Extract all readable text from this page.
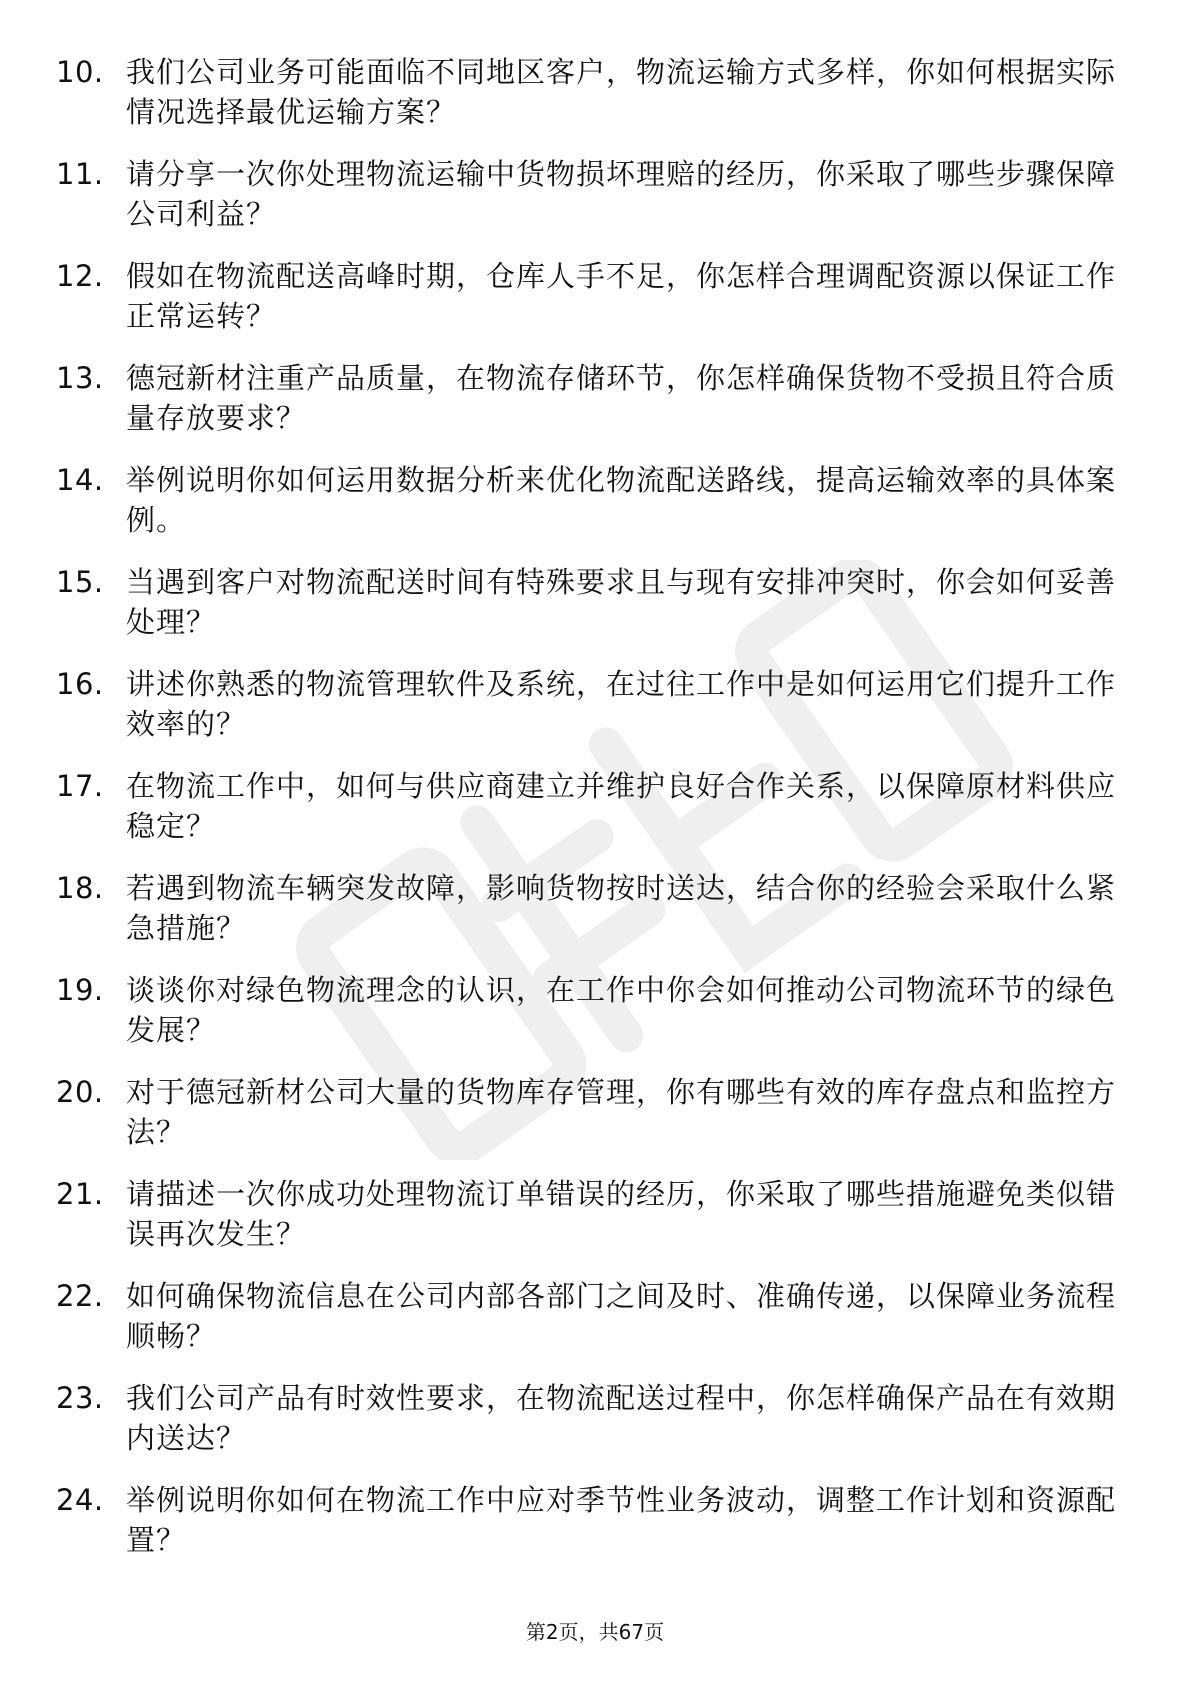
10. 我们公司业务可能面临不同地区客户，物流运输方式多样，你如何根据实际情况选择最优运输方案？
11. 请分享一次你处理物流运输中货物损坏理赔的经历，你采取了哪些步骤保障公司利益？
12. 假如在物流配送高峰时期，仓库人手不足，你怎样合理调配资源以保证工作正常运转？
13. 德冠新材注重产品质量，在物流存储环节，你怎样确保货物不受损且符合质量存放要求？
14. 举例说明你如何运用数据分析来优化物流配送路线，提高运输效率的具体案例。
15. 当遇到客户对物流配送时间有特殊要求且与现有安排冲突时，你会如何妥善处理？
16. 讲述你熟悉的物流管理软件及系统，在过往工作中是如何运用它们提升工作效率的？
17. 在物流工作中，如何与供应商建立并维护良好合作关系，以保障原材料供应稳定？
18. 若遇到物流车辆突发故障，影响货物按时送达，结合你的经验会采取什么紧急措施？
19. 谈谈你对绿色物流理念的认识，在工作中你会如何推动公司物流环节的绿色发展？
20. 对于德冠新材公司大量的货物库存管理，你有哪些有效的库存盘点和监控方法？
21. 请描述一次你成功处理物流订单错误的经历，你采取了哪些措施避免类似错误再次发生？
22. 如何确保物流信息在公司内部各部门之间及时、准确传递，以保障业务流程顺畅？
23. 我们公司产品有时效性要求，在物流配送过程中，你怎样确保产品在有效期内送达？
24. 举例说明你如何在物流工作中应对季节性业务波动，调整工作计划和资源配置？
第2页，共67页
